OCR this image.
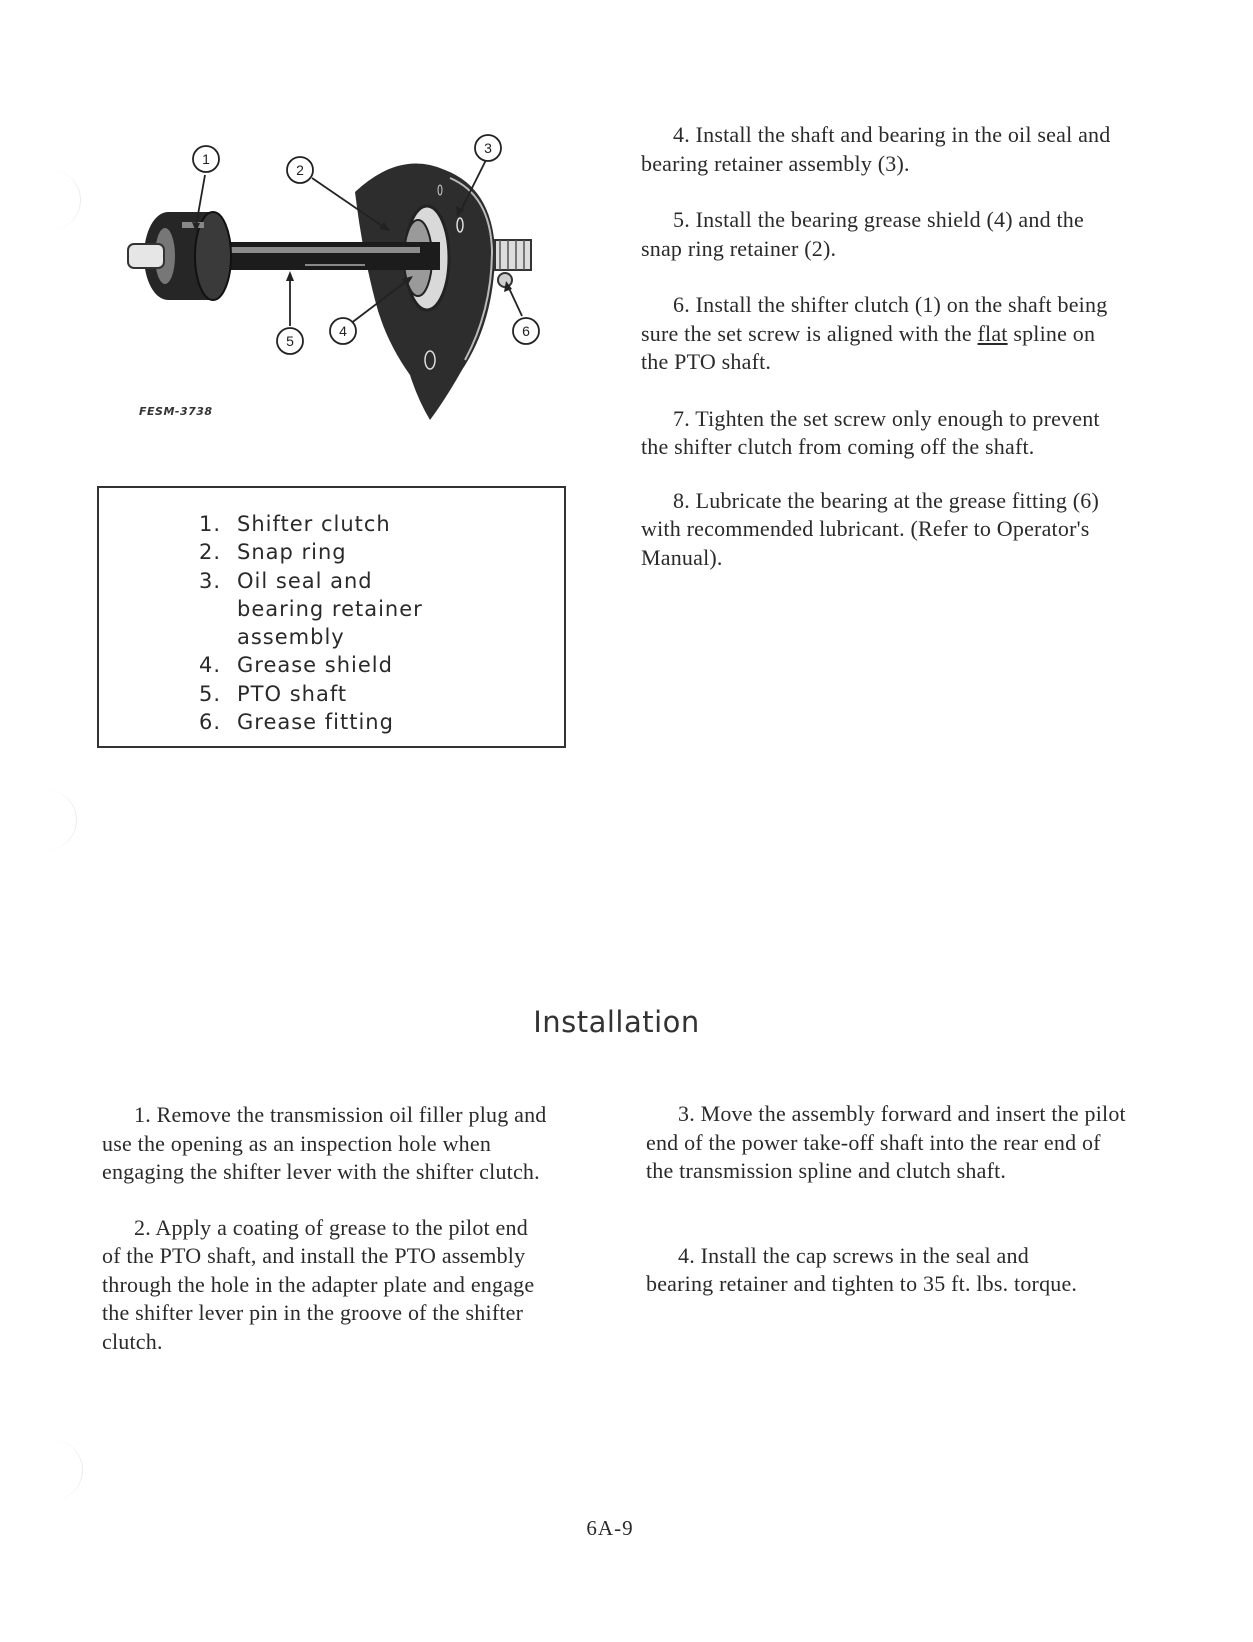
1
2
3
4
5
6
FESM-3738
1. Shifter clutch
2. Snap ring
3. Oil seal and bearing retainer assembly
4. Grease shield
5. PTO shaft
6. Grease fitting

4. Install the shaft and bearing in the oil seal and bearing retainer assembly (3).

5. Install the bearing grease shield (4) and the snap ring retainer (2).

6. Install the shifter clutch (1) on the shaft being sure the set screw is aligned with the flat spline on the PTO shaft.

7. Tighten the set screw only enough to prevent the shifter clutch from coming off the shaft.

8. Lubricate the bearing at the grease fitting (6) with recommended lubricant. (Refer to Operator's Manual).

Installation

1. Remove the transmission oil filler plug and use the opening as an inspection hole when engaging the shifter lever with the shifter clutch.

2. Apply a coating of grease to the pilot end of the PTO shaft, and install the PTO assembly through the hole in the adapter plate and engage the shifter lever pin in the groove of the shifter clutch.

3. Move the assembly forward and insert the pilot end of the power take-off shaft into the rear end of the transmission spline and clutch shaft.

4. Install the cap screws in the seal and bearing retainer and tighten to 35 ft. lbs. torque.

6A-9
